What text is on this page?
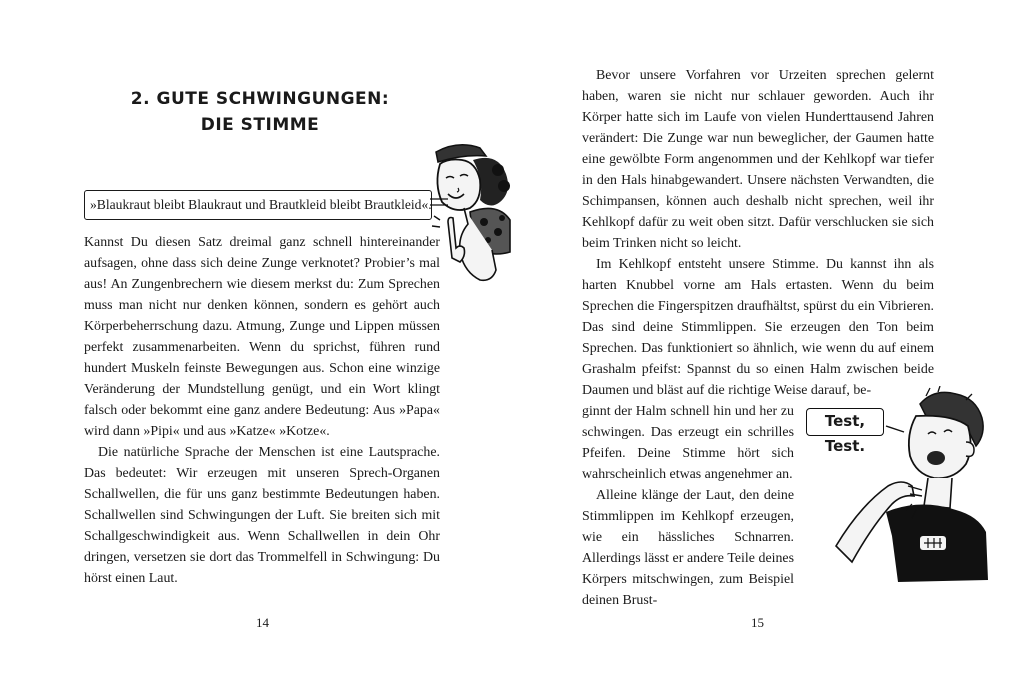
2. GUTE SCHWINGUNGEN:
DIE STIMME
»Blaukraut bleibt Blaukraut und Brautkleid bleibt Brautkleid«.

Kannst Du diesen Satz dreimal ganz schnell hintereinander aufsagen, ohne dass sich deine Zunge verknotet? Probier’s mal aus! An Zungenbrechern wie diesem merkst du: Zum Sprechen muss man nicht nur denken können, sondern es gehört auch Körperbeherrschung dazu. Atmung, Zunge und Lippen müssen perfekt zusammenarbeiten. Wenn du sprichst, führen rund hundert Muskeln feinste Bewegungen aus. Schon eine winzige Veränderung der Mundstellung genügt, und ein Wort klingt falsch oder bekommt eine ganz andere Bedeutung: Aus »Papa« wird dann »Pipi« und aus »Katze« »Kotze«.

Die natürliche Sprache der Menschen ist eine Lautsprache. Das bedeutet: Wir erzeugen mit unseren Sprech-Organen Schallwellen, die für uns ganz bestimmte Bedeutungen haben. Schallwellen sind Schwingungen der Luft. Sie breiten sich mit Schallgeschwindigkeit aus. Wenn Schallwellen in dein Ohr dringen, versetzen sie dort das Trommelfell in Schwingung: Du hörst einen Laut.

14

Bevor unsere Vorfahren vor Urzeiten sprechen gelernt haben, waren sie nicht nur schlauer geworden. Auch ihr Körper hatte sich im Laufe von vielen Hunderttausend Jahren verändert: Die Zunge war nun beweglicher, der Gaumen hatte eine gewölbte Form angenommen und der Kehlkopf war tiefer in den Hals hinabgewandert. Unsere nächsten Verwandten, die Schimpansen, können auch deshalb nicht sprechen, weil ihr Kehlkopf dafür zu weit oben sitzt. Dafür verschlucken sie sich beim Trinken nicht so leicht.

Im Kehlkopf entsteht unsere Stimme. Du kannst ihn als harten Knubbel vorne am Hals ertasten. Wenn du beim Sprechen die Fingerspitzen draufhältst, spürst du ein Vibrieren. Das sind deine Stimmlippen. Sie erzeugen den Ton beim Sprechen. Das funktioniert so ähnlich, wie wenn du auf einem Grashalm pfeifst: Spannst du so einen Halm zwischen beide Daumen und bläst auf die richtige Weise darauf, be-

ginnt der Halm schnell hin und her zu schwingen. Das erzeugt ein schrilles Pfeifen. Deine Stimme hört sich wahrscheinlich etwas angenehmer an.

Alleine klänge der Laut, den deine Stimmlippen im Kehlkopf erzeugen, wie ein hässliches Schnarren. Allerdings lässt er andere Teile deines Körpers mitschwingen, zum Beispiel deinen Brust-

Test, Test.
15
